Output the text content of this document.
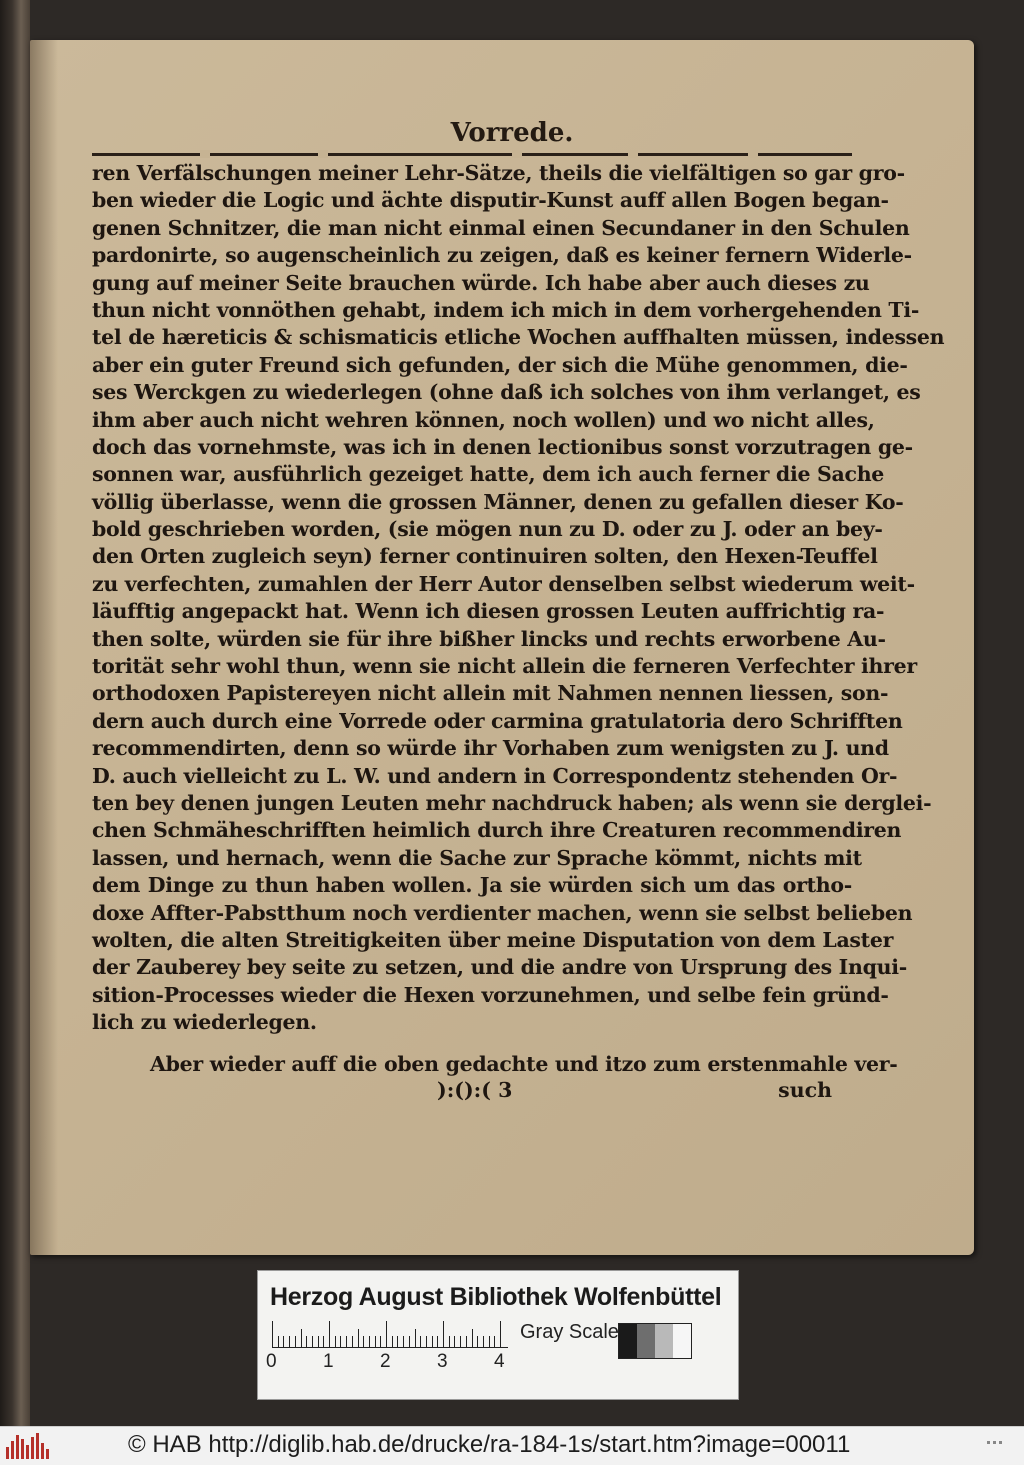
Vorrede.
ren Verfälschungen meiner Lehr-Sätze, theils die vielfältigen so gar gro-
ben wieder die Logic und ächte disputir-Kunst auff allen Bogen began-
genen Schnitzer, die man nicht einmal einen Secundaner in den Schulen
pardonirte, so augenscheinlich zu zeigen, daß es keiner fernern Widerle-
gung auf meiner Seite brauchen würde. Ich habe aber auch dieses zu
thun nicht vonnöthen gehabt, indem ich mich in dem vorhergehenden Ti-
tel de hæreticis & schismaticis etliche Wochen auffhalten müssen, indessen
aber ein guter Freund sich gefunden, der sich die Mühe genommen, die-
ses Werckgen zu wiederlegen (ohne daß ich solches von ihm verlanget, es
ihm aber auch nicht wehren können, noch wollen) und wo nicht alles,
doch das vornehmste, was ich in denen lectionibus sonst vorzutragen ge-
sonnen war, ausführlich gezeiget hatte, dem ich auch ferner die Sache
völlig überlasse, wenn die grossen Männer, denen zu gefallen dieser Ko-
bold geschrieben worden, (sie mögen nun zu D. oder zu J. oder an bey-
den Orten zugleich seyn) ferner continuiren solten, den Hexen-Teuffel
zu verfechten, zumahlen der Herr Autor denselben selbst wiederum weit-
läufftig angepackt hat. Wenn ich diesen grossen Leuten auffrichtig ra-
then solte, würden sie für ihre bißher lincks und rechts erworbene Au-
torität sehr wohl thun, wenn sie nicht allein die ferneren Verfechter ihrer
orthodoxen Papistereyen nicht allein mit Nahmen nennen liessen, son-
dern auch durch eine Vorrede oder carmina gratulatoria dero Schrifften
recommendirten, denn so würde ihr Vorhaben zum wenigsten zu J. und
D. auch vielleicht zu L. W. und andern in Correspondentz stehenden Or-
ten bey denen jungen Leuten mehr nachdruck haben; als wenn sie derglei-
chen Schmäheschrifften heimlich durch ihre Creaturen recommendiren
lassen, und hernach, wenn die Sache zur Sprache kömmt, nichts mit
dem Dinge zu thun haben wollen. Ja sie würden sich um das ortho-
doxe Affter-Pabstthum noch verdienter machen, wenn sie selbst belieben
wolten, die alten Streitigkeiten über meine Disputation von dem Laster
der Zauberey bey seite zu setzen, und die andre von Ursprung des Inqui-
sition-Processes wieder die Hexen vorzunehmen, und selbe fein gründ-
lich zu wiederlegen.
Aber wieder auff die oben gedachte und itzo zum erstenmahle ver-
):():( 3	such
Herzog August Bibliothek Wolfenbüttel
0 1 2 3 4
Gray Scale
© HAB http://diglib.hab.de/drucke/ra-184-1s/start.htm?image=00011
